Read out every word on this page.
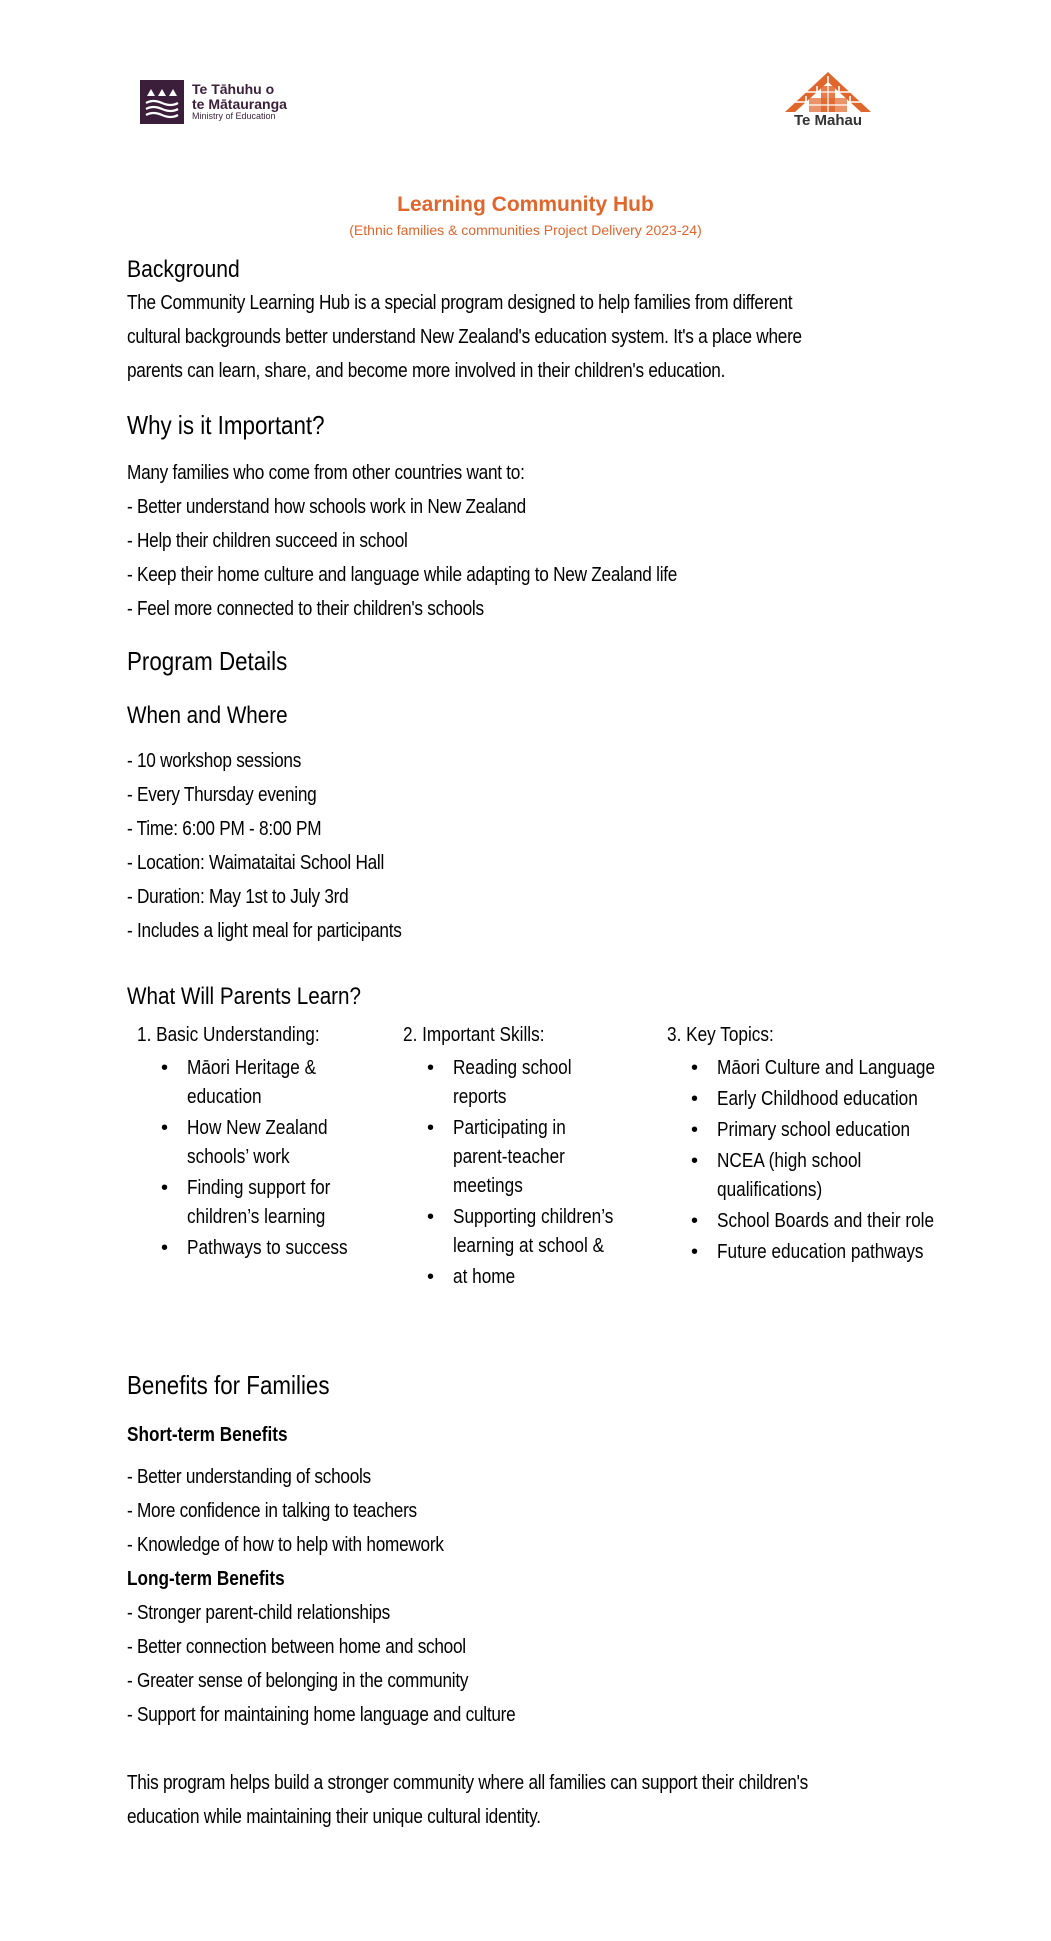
Te Tāhuhu o
te Mātauranga
Ministry of Education	Te Mahau
Learning Community Hub
(Ethnic families & communities Project Delivery 2023-24)
Background
The Community Learning Hub is a special program designed to help families from different
cultural backgrounds better understand New Zealand's education system. It's a place where
parents can learn, share, and become more involved in their children's education.
Why is it Important?
Many families who come from other countries want to:
- Better understand how schools work in New Zealand
- Help their children succeed in school
- Keep their home culture and language while adapting to New Zealand life
- Feel more connected to their children's schools
Program Details
When and Where
- 10 workshop sessions
- Every Thursday evening
- Time: 6:00 PM - 8:00 PM
- Location: Waimataitai School Hall
- Duration: May 1st to July 3rd
- Includes a light meal for participants
What Will Parents Learn?
1. Basic Understanding:
• Māori Heritage &
education
• How New Zealand
schools’ work
• Finding support for
children’s learning
• Pathways to success
2. Important Skills:
• Reading school
reports
• Participating in
parent-teacher
meetings
• Supporting children’s
learning at school &
• at home
3. Key Topics:
• Māori Culture and Language
• Early Childhood education
• Primary school education
• NCEA (high school
qualifications)
• School Boards and their role
• Future education pathways
Benefits for Families
Short-term Benefits
- Better understanding of schools
- More confidence in talking to teachers
- Knowledge of how to help with homework
Long-term Benefits
- Stronger parent-child relationships
- Better connection between home and school
- Greater sense of belonging in the community
- Support for maintaining home language and culture
This program helps build a stronger community where all families can support their children's
education while maintaining their unique cultural identity.
